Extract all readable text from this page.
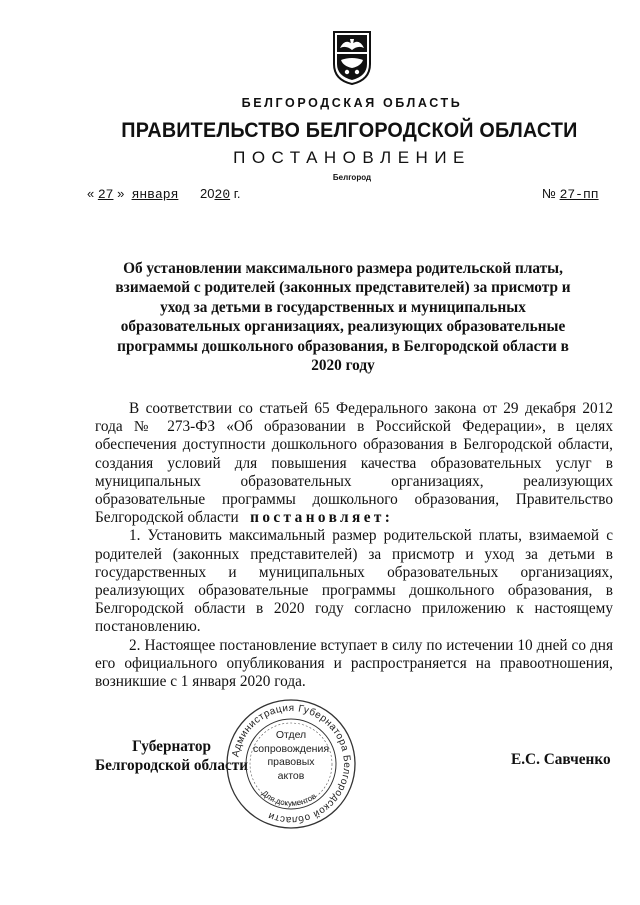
БЕЛГОРОДСКАЯ ОБЛАСТЬ
ПРАВИТЕЛЬСТВО БЕЛГОРОДСКОЙ ОБЛАСТИ
ПОСТАНОВЛЕНИЕ
Белгород
« 27 » января 2020 г.	№ 27-пп
Об установлении максимального размера родительской платы, взимаемой с родителей (законных представителей) за присмотр и уход за детьми в государственных и муниципальных образовательных организациях, реализующих образовательные программы дошкольного образования, в Белгородской области в 2020 году

В соответствии со статьей 65 Федерального закона от 29 декабря 2012 года № 273-ФЗ «Об образовании в Российской Федерации», в целях обеспечения доступности дошкольного образования в Белгородской области, создания условий для повышения качества образовательных услуг в муниципальных образовательных организациях, реализующих образовательные программы дошкольного образования, Правительство Белгородской области постановляет:

1. Установить максимальный размер родительской платы, взимаемой с родителей (законных представителей) за присмотр и уход за детьми в государственных и муниципальных образовательных организациях, реализующих образовательные программы дошкольного образования, в Белгородской области в 2020 году согласно приложению к настоящему постановлению.

2. Настоящее постановление вступает в силу по истечении 10 дней со дня его официального опубликования и распространяется на правоотношения, возникшие с 1 января 2020 года.

Губернатор
Белгородской области
Администрация Губернатора Белгородской области
Для документов
Отдел
сопровождения
правовых
актов
Е.С. Савченко
